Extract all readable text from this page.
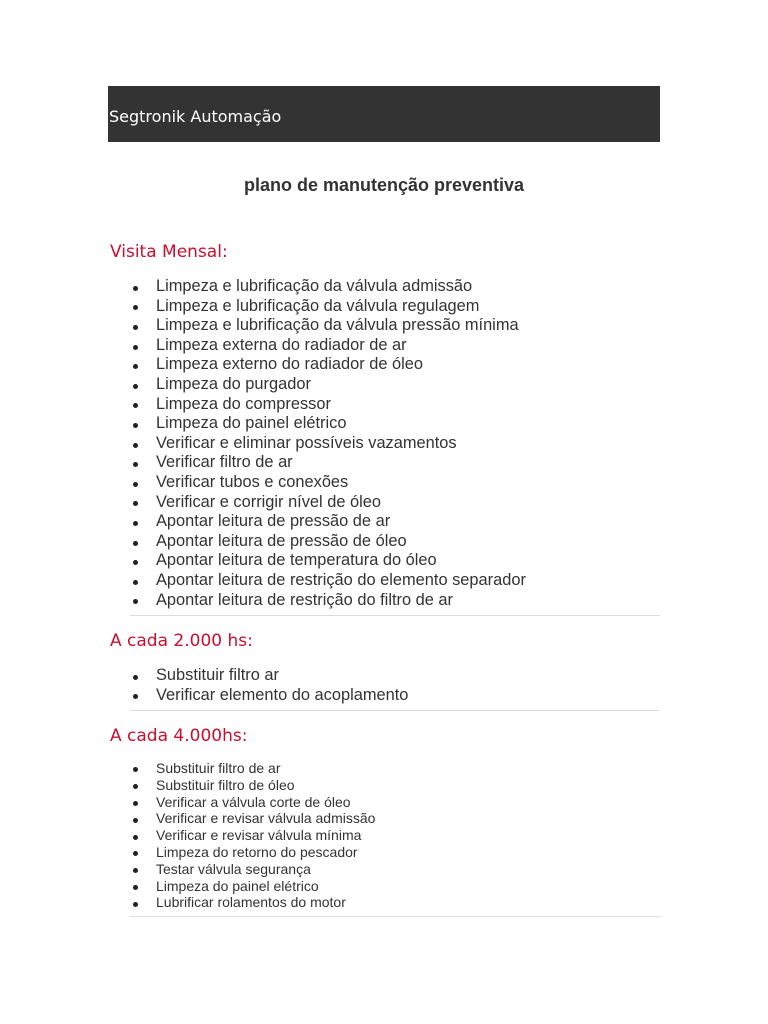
Segtronik Automação
plano de manutenção preventiva
Visita Mensal:
Limpeza e lubrificação da válvula admissão
Limpeza e lubrificação da válvula regulagem
Limpeza e lubrificação da válvula pressão mínima
Limpeza externa do radiador de ar
Limpeza externo do radiador de óleo
Limpeza do purgador
Limpeza do compressor
Limpeza do painel elétrico
Verificar e eliminar possíveis vazamentos
Verificar filtro de ar
Verificar tubos e conexões
Verificar e corrigir nível de óleo
Apontar leitura de pressão de ar
Apontar leitura de pressão de óleo
Apontar leitura de temperatura do óleo
Apontar leitura de restrição do elemento separador
Apontar leitura de restrição do filtro de ar
A cada 2.000 hs:
Substituir filtro ar
Verificar elemento do acoplamento
A cada 4.000hs:
Substituir filtro de ar
Substituir filtro de óleo
Verificar a válvula corte de óleo
Verificar e revisar válvula admissão
Verificar e revisar válvula mínima
Limpeza do retorno do pescador
Testar válvula segurança
Limpeza do painel elétrico
Lubrificar rolamentos do motor
